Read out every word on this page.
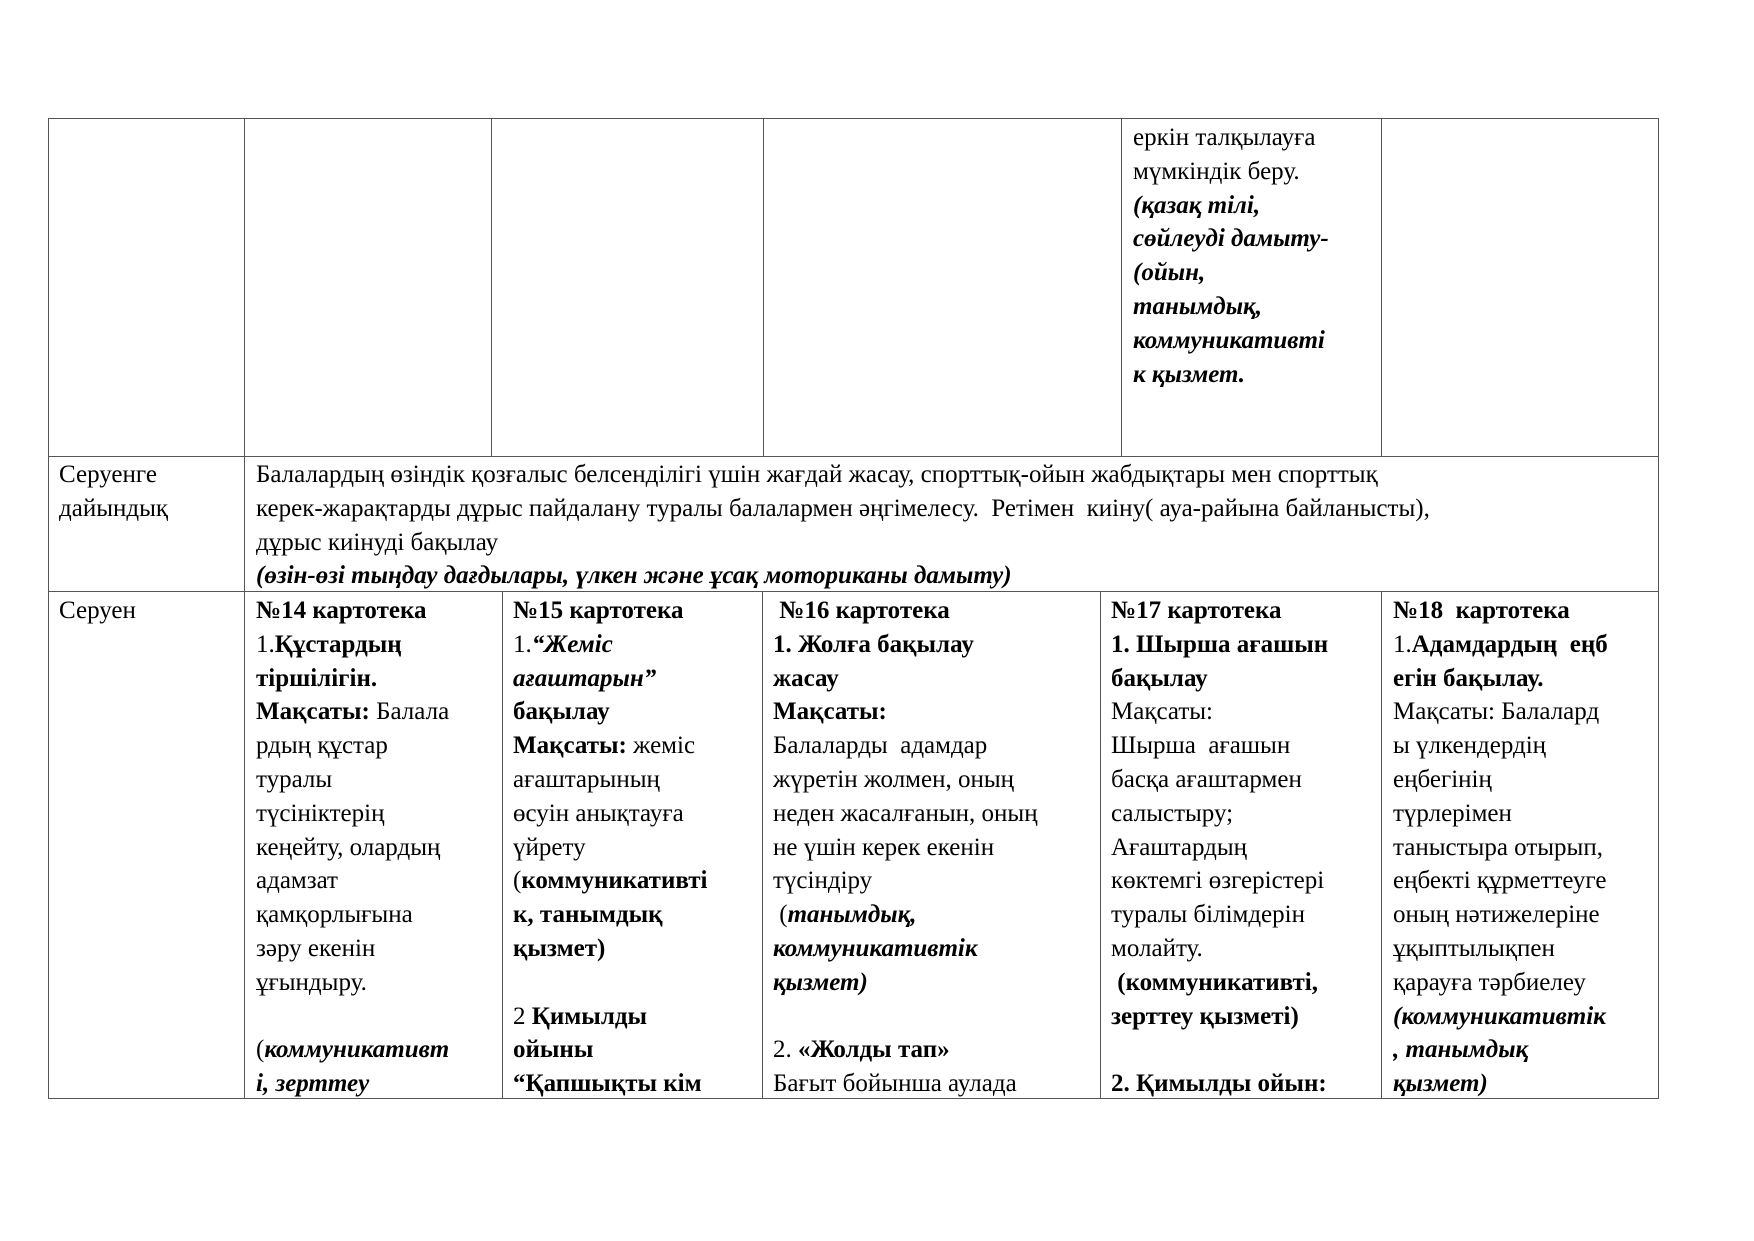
еркін талқылауға
мүмкіндік беру.
(қазақ тілі,
сөйлеуді дамыту-
(ойын,
танымдық,
коммуникативті
к қызмет.
Серуенге
дайындық
Балалардың өзіндік қозғалыс белсенділігі үшін жағдай жасау, спорттық-ойын жабдықтары мен спорттық
керек-жарақтарды дұрыс пайдалану туралы балалармен әңгімелесу.  Ретімен  киіну( ауа-райына байланысты),
дұрыс киінуді бақылау
(өзін-өзі тыңдау дағдылары, үлкен және ұсақ моториканы дамыту)
Серуен	№14 картотека
1.Құстардың
тіршілігін.
Мақсаты: Балала
рдың құстар
туралы
түсініктерің
кеңейту, олардың
адамзат
қамқорлығына
зәру екенін
ұғындыру.
(коммуникативт
і, зерттеу
№15 картотека
1.“Жеміс
ағаштарын”
бақылау
Мақсаты: жеміс
ағаштарының
өсуін анықтауға
үйрету
(коммуникативті
к, танымдық
қызмет)
2 Қимылды
ойыны
“Қапшықты кім
№16 картотека
1. Жолға бақылау
жасау
Мақсаты:
Балаларды  адамдар
жүретін жолмен, оның
неден жасалғанын, оның
не үшін керек екенін
түсіндіру
(танымдық,
коммуникативтік
қызмет)
2. «Жолды тап»
Бағыт бойынша аулада
№17 картотека
1. Шырша ағашын
бақылау
Мақсаты:
Шырша  ағашын
басқа ағаштармен
салыстыру;
Ағаштардың
көктемгі өзгерістері
туралы білімдерін
молайту.
(коммуникативті,
зерттеу қызметі)
2. Қимылды ойын:
№18  картотека
1.Адамдардың  еңб
егін бақылау.
Мақсаты: Балалард
ы үлкендердің
еңбегінің
түрлерімен
таныстыра отырып,
еңбекті құрметтеуге
оның нәтижелеріне
ұқыптылықпен
қарауға тәрбиелеу
(коммуникативтік
, танымдық
қызмет)
